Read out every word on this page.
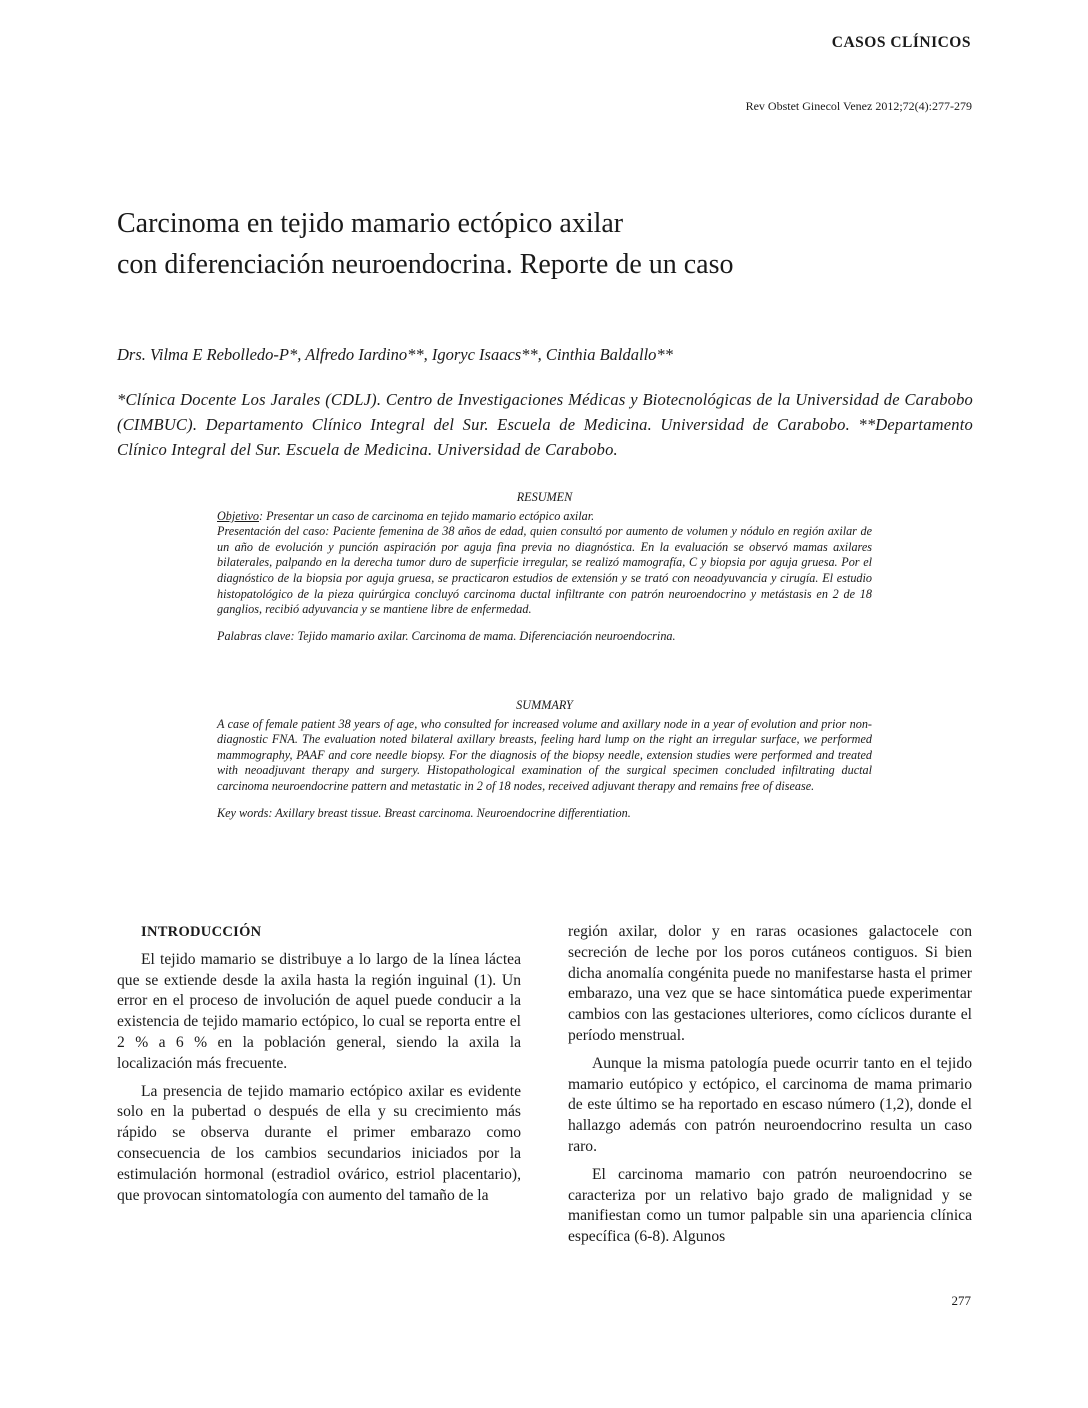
CASOS CLÍNICOS
Rev Obstet Ginecol Venez 2012;72(4):277-279
Carcinoma en tejido mamario ectópico axilar
con diferenciación neuroendocrina. Reporte de un caso
Drs. Vilma E Rebolledo-P*, Alfredo Iardino**, Igoryc Isaacs**, Cinthia Baldallo**
*Clínica Docente Los Jarales (CDLJ). Centro de Investigaciones Médicas y Biotecnológicas de la Universidad de Carabobo (CIMBUC). Departamento Clínico Integral del Sur. Escuela de Medicina. Universidad de Carabobo. **Departamento Clínico Integral del Sur. Escuela de Medicina. Universidad de Carabobo.
RESUMEN
Objetivo: Presentar un caso de carcinoma en tejido mamario ectópico axilar.
Presentación del caso: Paciente femenina de 38 años de edad, quien consultó por aumento de volumen y nódulo en región axilar de un año de evolución y punción aspiración por aguja fina previa no diagnóstica. En la evaluación se observó mamas axilares bilaterales, palpando en la derecha tumor duro de superficie irregular, se realizó mamografía, C y biopsia por aguja gruesa. Por el diagnóstico de la biopsia por aguja gruesa, se practicaron estudios de extensión y se trató con neoadyuvancia y cirugía. El estudio histopatológico de la pieza quirúrgica concluyó carcinoma ductal infiltrante con patrón neuroendocrino y metástasis en 2 de 18 ganglios, recibió adyuvancia y se mantiene libre de enfermedad.
Palabras clave: Tejido mamario axilar. Carcinoma de mama. Diferenciación neuroendocrina.
SUMMARY
A case of female patient 38 years of age, who consulted for increased volume and axillary node in a year of evolution and prior non-diagnostic FNA. The evaluation noted bilateral axillary breasts, feeling hard lump on the right an irregular surface, we performed mammography, PAAF and core needle biopsy. For the diagnosis of the biopsy needle, extension studies were performed and treated with neoadjuvant therapy and surgery. Histopathological examination of the surgical specimen concluded infiltrating ductal carcinoma neuroendocrine pattern and metastatic in 2 of 18 nodes, received adjuvant therapy and remains free of disease.
Key words: Axillary breast tissue. Breast carcinoma. Neuroendocrine differentiation.

INTRODUCCIÓN

El tejido mamario se distribuye a lo largo de la línea láctea que se extiende desde la axila hasta la región inguinal (1). Un error en el proceso de involución de aquel puede conducir a la existencia de tejido mamario ectópico, lo cual se reporta entre el 2 % a 6 % en la población general, siendo la axila la localización más frecuente.

La presencia de tejido mamario ectópico axilar es evidente solo en la pubertad o después de ella y su crecimiento más rápido se observa durante el primer embarazo como consecuencia de los cambios secundarios iniciados por la estimulación hormonal (estradiol ovárico, estriol placentario), que provocan sintomatología con aumento del tamaño de la

región axilar, dolor y en raras ocasiones galactocele con secreción de leche por los poros cutáneos contiguos. Si bien dicha anomalía congénita puede no manifestarse hasta el primer embarazo, una vez que se hace sintomática puede experimentar cambios con las gestaciones ulteriores, como cíclicos durante el período menstrual.

Aunque la misma patología puede ocurrir tanto en el tejido mamario eutópico y ectópico, el carcinoma de mama primario de este último se ha reportado en escaso número (1,2), donde el hallazgo además con patrón neuroendocrino resulta un caso raro.

El carcinoma mamario con patrón neuroendocrino se caracteriza por un relativo bajo grado de malignidad y se manifiestan como un tumor palpable sin una apariencia clínica específica (6-8). Algunos

277
